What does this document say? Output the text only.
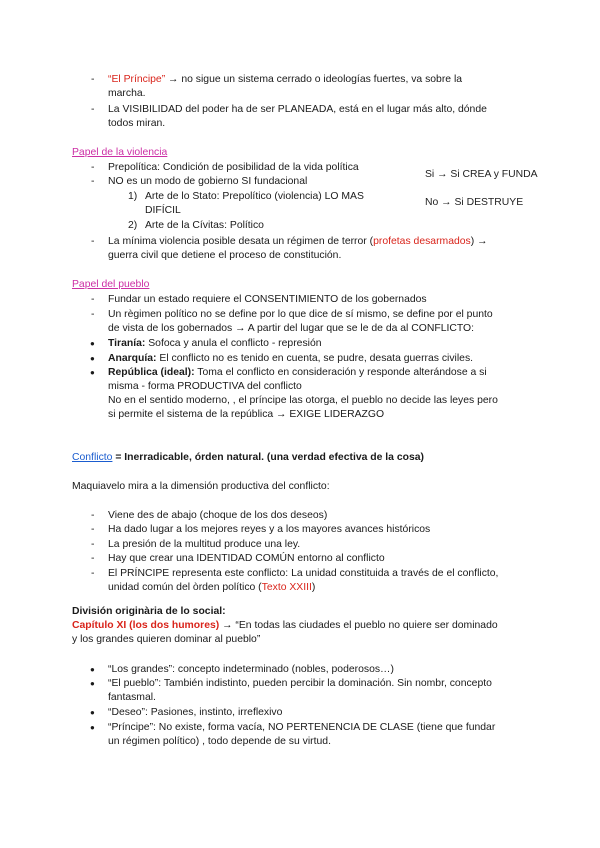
- “El Príncipe” → no sigue un sistema cerrado o ideologías fuertes, va sobre la
marcha.
- La VISIBILIDAD del poder ha de ser PLANEADA, está en el lugar más alto, dónde
todos miran.
Papel de la violencia
- Prepolítica: Condición de posibilidad de la vida política
- NO es un modo de gobierno SI fundacional
1) Arte de lo Stato: Prepolítico (violencia) LO MAS
DIFÍCIL
2) Arte de la Cívitas: Político
- La mínima violencia posible desata un régimen de terror (profetas desarmados) →
guerra civil que detiene el proceso de constitución.
Si → Si CREA y FUNDA
No → Si DESTRUYE
Papel del pueblo
- Fundar un estado requiere el CONSENTIMIENTO de los gobernados
- Un règimen político no se define por lo que dice de sí mismo, se define por el punto
de vista de los gobernados → A partir del lugar que se le de da al CONFLICTO:
● Tiranía: Sofoca y anula el conflicto - represión
● Anarquía: El conflicto no es tenido en cuenta, se pudre, desata guerras civiles.
● República (ideal): Toma el conflicto en consideración y responde alterándose a si
misma - forma PRODUCTIVA del conflicto
No en el sentido moderno, , el príncipe las otorga, el pueblo no decide las leyes pero
si permite el sistema de la república → EXIGE LIDERAZGO
Conflicto = Inerradicable, órden natural. (una verdad efectiva de la cosa)
Maquiavelo mira a la dimensión productiva del conflicto:
- Viene des de abajo (choque de los dos deseos)
- Ha dado lugar a los mejores reyes y a los mayores avances históricos
- La presión de la multitud produce una ley.
- Hay que crear una IDENTIDAD COMÚN entorno al conflicto
- El PRÍNCIPE representa este conflicto: La unidad constituida a través de el conflicto,
unidad común del òrden político (Texto XXIII)
División originària de lo social:
Capítulo XI (los dos humores) → “En todas las ciudades el pueblo no quiere ser dominado
y los grandes quieren dominar al pueblo”
● “Los grandes”: concepto indeterminado (nobles, poderosos…)
● “El pueblo”: También indistinto, pueden percibir la dominación. Sin nombr, concepto
fantasmal.
● “Deseo”: Pasiones, instinto, irreflexivo
● “Príncipe”: No existe, forma vacía, NO PERTENENCIA DE CLASE (tiene que fundar
un régimen político) , todo depende de su virtud.
